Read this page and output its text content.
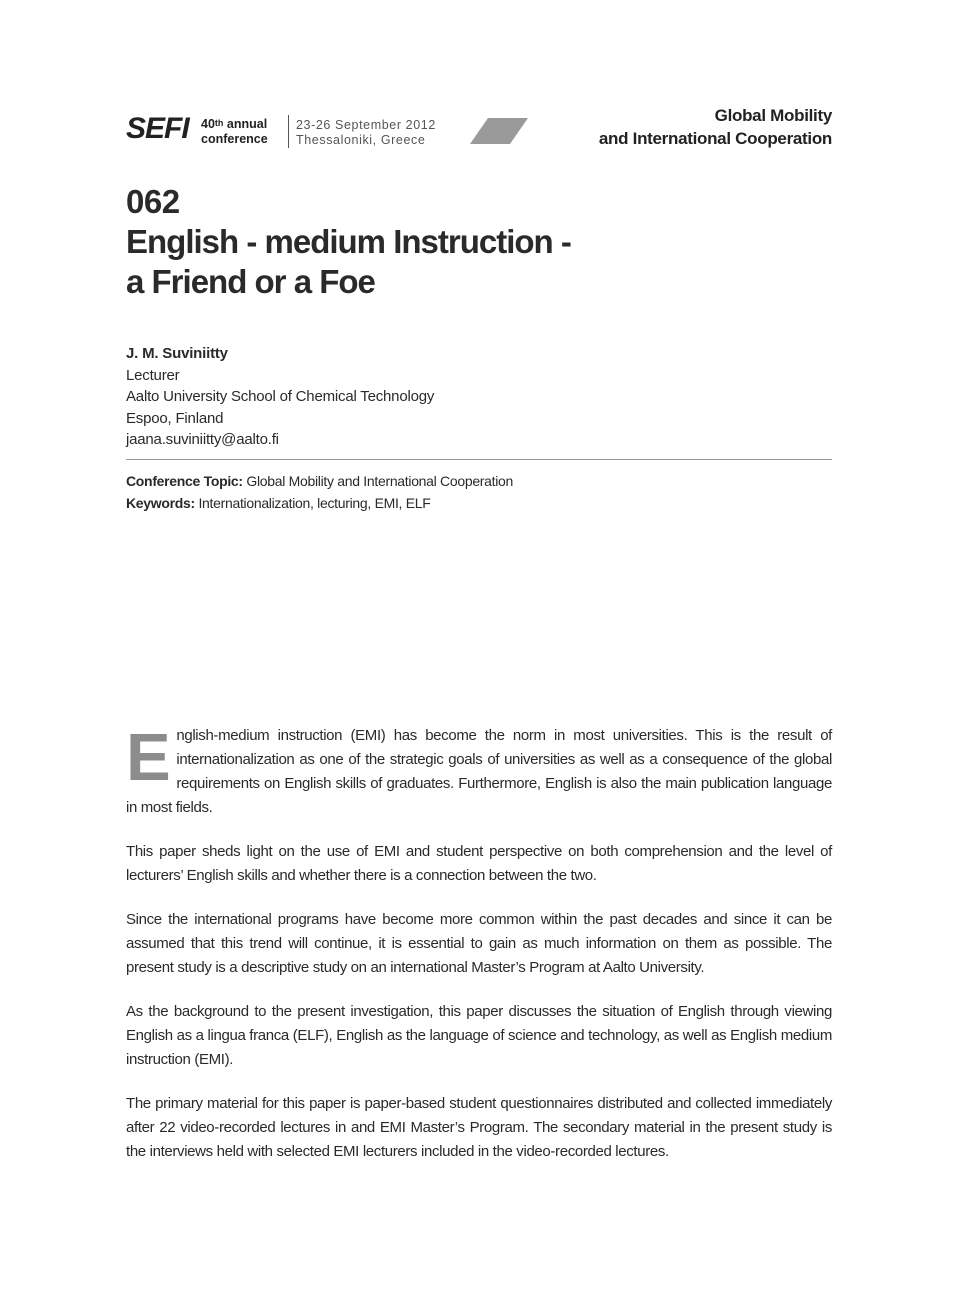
SEFI 40th annual
conference
23-26 September 2012
Thessaloniki, Greece
Global Mobility
and International Cooperation
062
English - medium Instruction -
a Friend or a Foe
J. M. Suviniitty
Lecturer
Aalto University School of Chemical Technology
Espoo, Finland
jaana.suviniitty@aalto.fi
Conference Topic: Global Mobility and International Cooperation
Keywords: Internationalization, lecturing, EMI, ELF

English-medium instruction (EMI) has become the norm in most universities. This is the result of internationalization as one of the strategic goals of universities as well as a consequence of the global requirements on English skills of graduates. Furthermore, English is also the main publication language in most fields.

This paper sheds light on the use of EMI and student perspective on both comprehension and the level of lecturers’ English skills and whether there is a connection between the two.

Since the international programs have become more common within the past decades and since it can be assumed that this trend will continue, it is essential to gain as much information on them as possible. The present study is a descriptive study on an international Master’s Program at Aalto University.

As the background to the present investigation, this paper discusses the situation of English through viewing English as a lingua franca (ELF), English as the language of science and technology, as well as English medium instruction (EMI).

The primary material for this paper is paper-based student questionnaires distributed and collected immediately after 22 video-recorded lectures in and EMI Master’s Program. The secondary material in the present study is the interviews held with selected EMI lecturers included in the video-recorded lectures.
